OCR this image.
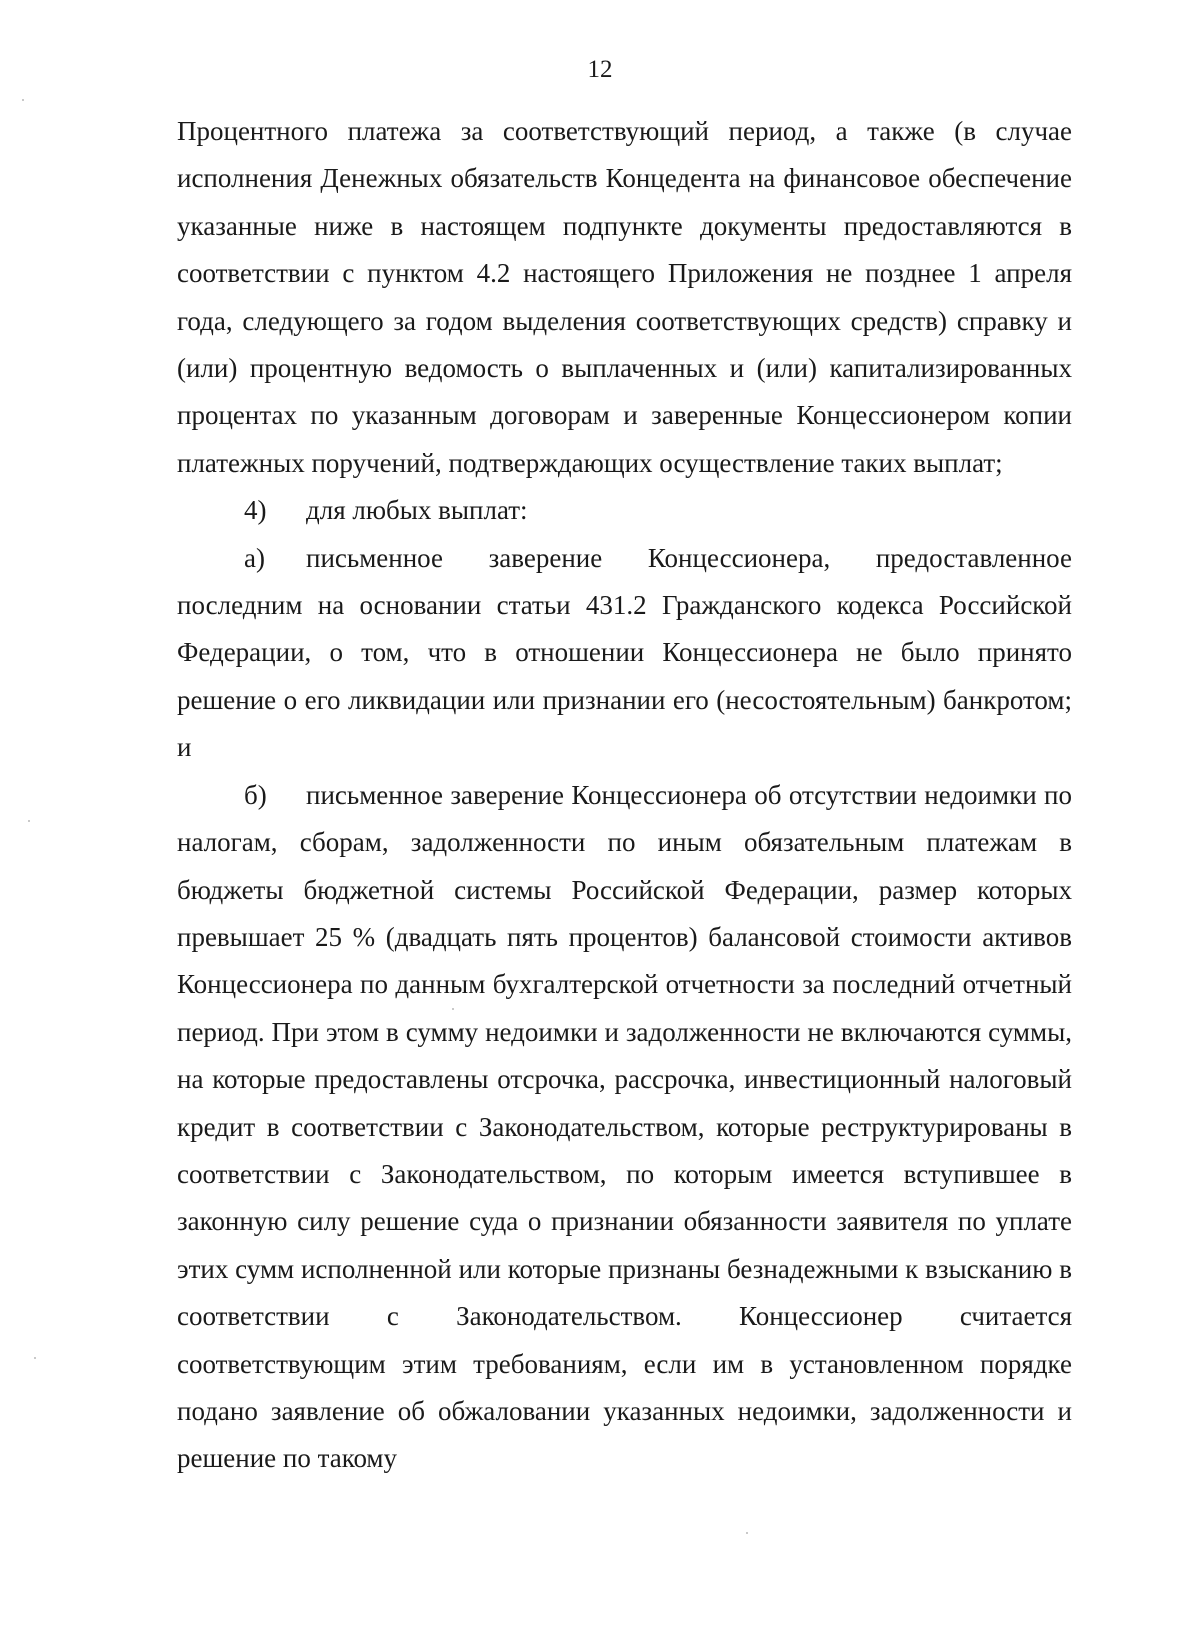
12

Процентного платежа за соответствующий период, а также (в случае исполнения Денежных обязательств Концедента на финансовое обеспечение указанные ниже в настоящем подпункте документы предоставляются в соответствии с пунктом 4.2 настоящего Приложения не позднее 1 апреля года, следующего за годом выделения соответствующих средств) справку и (или) процентную ведомость о выплаченных и (или) капитализированных процентах по указанным договорам и заверенные Концессионером копии платежных поручений, подтверждающих осуществление таких выплат;

4)	для любых выплат:

а) письменное заверение Концессионера, предоставленное последним на основании статьи 431.2 Гражданского кодекса Российской Федерации, о том, что в отношении Концессионера не было принято решение о его ликвидации или признании его (несостоятельным) банкротом; и

б) письменное заверение Концессионера об отсутствии недоимки по налогам, сборам, задолженности по иным обязательным платежам в бюджеты бюджетной системы Российской Федерации, размер которых превышает 25 % (двадцать пять процентов) балансовой стоимости активов Концессионера по данным бухгалтерской отчетности за последний отчетный период. При этом в сумму недоимки и задолженности не включаются суммы, на которые предоставлены отсрочка, рассрочка, инвестиционный налоговый кредит в соответствии с Законодательством, которые реструктурированы в соответствии с Законодательством, по которым имеется вступившее в законную силу решение суда о признании обязанности заявителя по уплате этих сумм исполненной или которые признаны безнадежными к взысканию в соответствии с Законодательством. Концессионер считается соответствующим этим требованиям, если им в установленном порядке подано заявление об обжаловании указанных недоимки, задолженности и решение по такому
